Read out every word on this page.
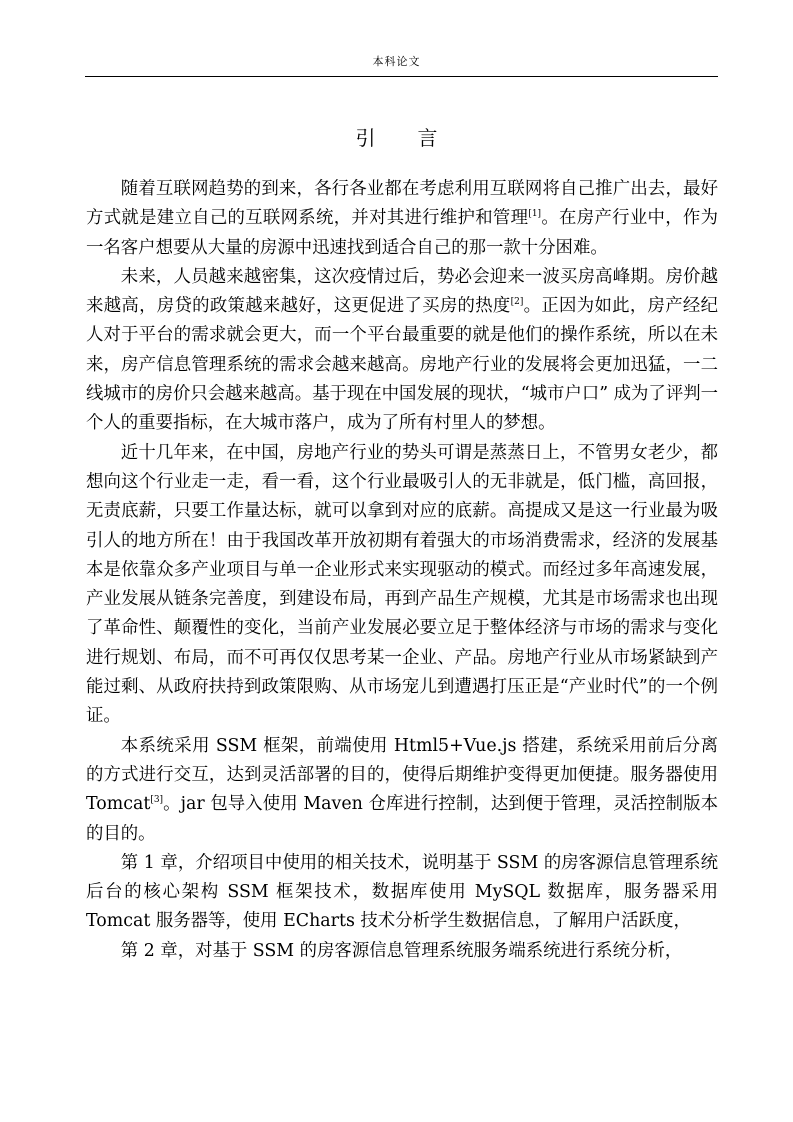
本科论文
引 言

随着互联网趋势的到来，各行各业都在考虑利用互联网将自己推广出去，最好方式就是建立自己的互联网系统，并对其进行维护和管理[1]。在房产行业中，作为一名客户想要从大量的房源中迅速找到适合自己的那一款十分困难。

未来，人员越来越密集，这次疫情过后，势必会迎来一波买房高峰期。房价越来越高，房贷的政策越来越好，这更促进了买房的热度[2]。正因为如此，房产经纪人对于平台的需求就会更大，而一个平台最重要的就是他们的操作系统，所以在未来，房产信息管理系统的需求会越来越高。房地产行业的发展将会更加迅猛，一二线城市的房价只会越来越高。基于现在中国发展的现状，“城市户口” 成为了评判一个人的重要指标，在大城市落户，成为了所有村里人的梦想。

近十几年来，在中国，房地产行业的势头可谓是蒸蒸日上，不管男女老少，都想向这个行业走一走，看一看，这个行业最吸引人的无非就是，低门槛，高回报，无责底薪，只要工作量达标，就可以拿到对应的底薪。高提成又是这一行业最为吸引人的地方所在！由于我国改革开放初期有着强大的市场消费需求，经济的发展基本是依靠众多产业项目与单一企业形式来实现驱动的模式。而经过多年高速发展，产业发展从链条完善度，到建设布局，再到产品生产规模，尤其是市场需求也出现了革命性、颠覆性的变化，当前产业发展必要立足于整体经济与市场的需求与变化进行规划、布局，而不可再仅仅思考某一企业、产品。房地产行业从市场紧缺到产能过剩、从政府扶持到政策限购、从市场宠儿到遭遇打压正是“产业时代”的一个例证。

本系统采用 SSM 框架，前端使用 Html5+Vue.js 搭建，系统采用前后分离的方式进行交互，达到灵活部署的目的，使得后期维护变得更加便捷。服务器使用 Tomcat[3]。jar 包导入使用 Maven 仓库进行控制，达到便于管理，灵活控制版本的目的。

第 1 章，介绍项目中使用的相关技术，说明基于 SSM 的房客源信息管理系统后台的核心架构 SSM 框架技术，数据库使用 MySQL 数据库，服务器采用 Tomcat 服务器等，使用 ECharts 技术分析学生数据信息，了解用户活跃度，

第 2 章，对基于 SSM 的房客源信息管理系统服务端系统进行系统分析，
